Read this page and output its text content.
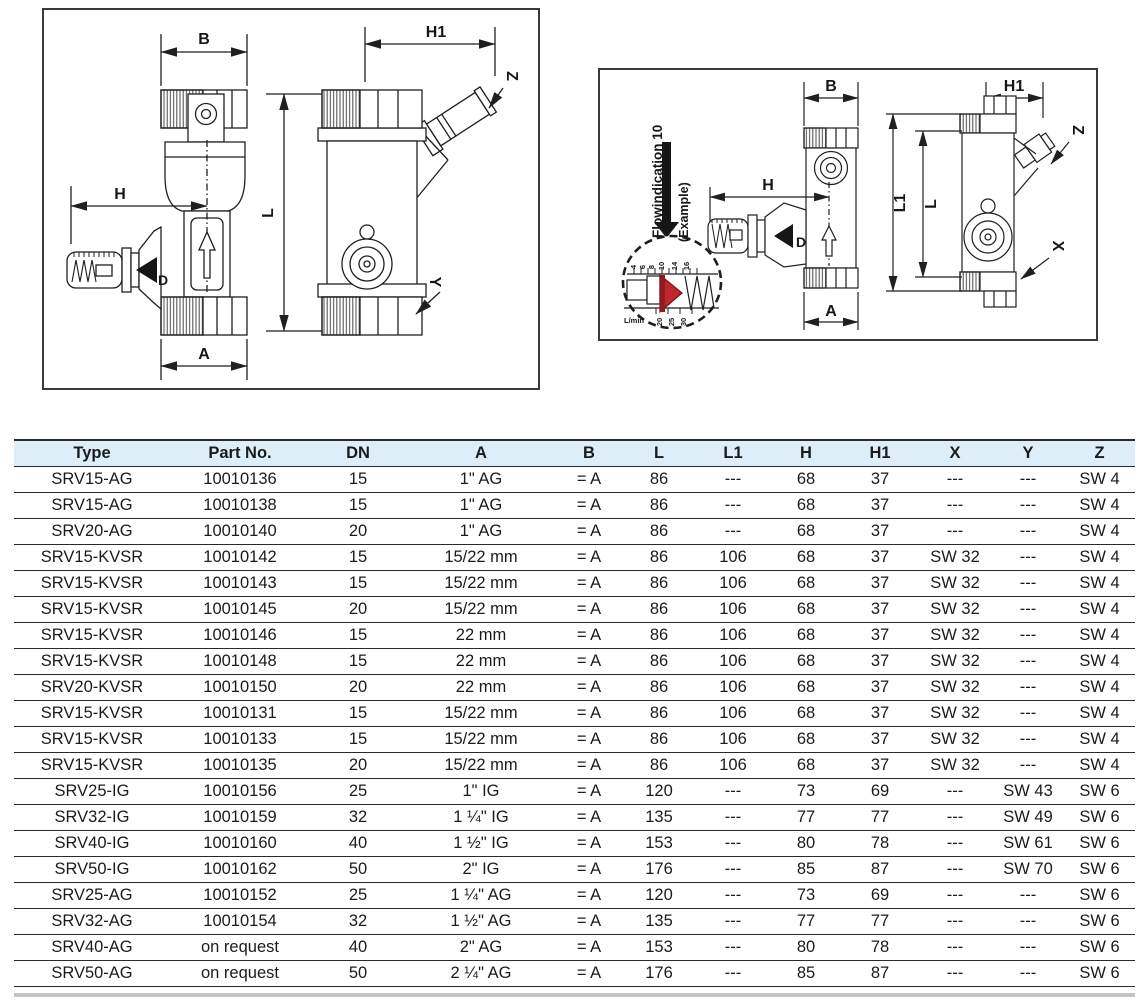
B
A
H
D
H1
L
Y
Z
Flowindication 10 (Example)
4 6 8 10 14 16
L/min 20 25 30
B
A
H
D
H1
L1 L
Z
X
Type	Part No.	DN	A	B	L	L1	H	H1	X	Y	Z
SRV15-AG	10010136	15	1" AG	= A	86	---	68	37	---	---	SW 4
SRV15-AG	10010138	15	1" AG	= A	86	---	68	37	---	---	SW 4
SRV20-AG	10010140	20	1" AG	= A	86	---	68	37	---	---	SW 4
SRV15-KVSR	10010142	15	15/22 mm	= A	86	106	68	37	SW 32	---	SW 4
SRV15-KVSR	10010143	15	15/22 mm	= A	86	106	68	37	SW 32	---	SW 4
SRV15-KVSR	10010145	20	15/22 mm	= A	86	106	68	37	SW 32	---	SW 4
SRV15-KVSR	10010146	15	22 mm	= A	86	106	68	37	SW 32	---	SW 4
SRV15-KVSR	10010148	15	22 mm	= A	86	106	68	37	SW 32	---	SW 4
SRV20-KVSR	10010150	20	22 mm	= A	86	106	68	37	SW 32	---	SW 4
SRV15-KVSR	10010131	15	15/22 mm	= A	86	106	68	37	SW 32	---	SW 4
SRV15-KVSR	10010133	15	15/22 mm	= A	86	106	68	37	SW 32	---	SW 4
SRV15-KVSR	10010135	20	15/22 mm	= A	86	106	68	37	SW 32	---	SW 4
SRV25-IG	10010156	25	1" IG	= A	120	---	73	69	---	SW 43	SW 6
SRV32-IG	10010159	32	1 ¼" IG	= A	135	---	77	77	---	SW 49	SW 6
SRV40-IG	10010160	40	1 ½" IG	= A	153	---	80	78	---	SW 61	SW 6
SRV50-IG	10010162	50	2" IG	= A	176	---	85	87	---	SW 70	SW 6
SRV25-AG	10010152	25	1 ¼" AG	= A	120	---	73	69	---	---	SW 6
SRV32-AG	10010154	32	1 ½" AG	= A	135	---	77	77	---	---	SW 6
SRV40-AG	on request	40	2" AG	= A	153	---	80	78	---	---	SW 6
SRV50-AG	on request	50	2 ¼" AG	= A	176	---	85	87	---	---	SW 6
